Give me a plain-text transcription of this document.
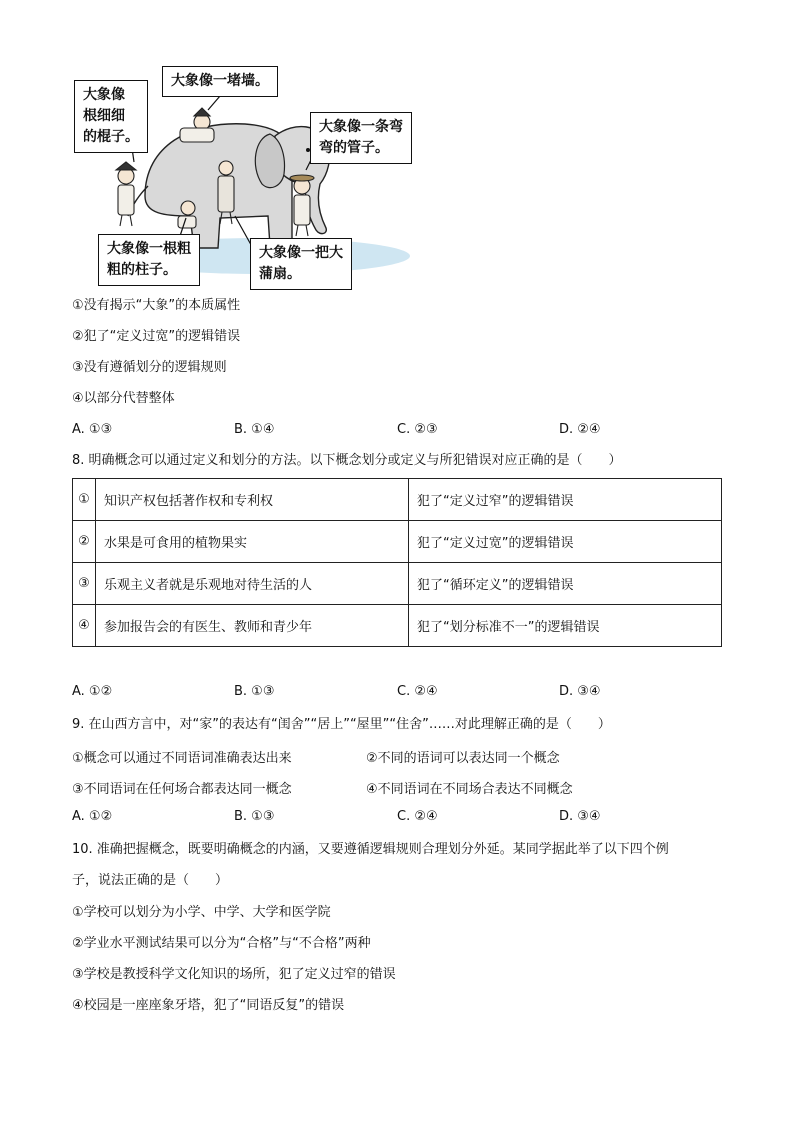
大象像
根细细
的棍子。
大象像一堵墙。
大象像一条弯
弯的管子。
大象像一根粗
粗的柱子。
大象像一把大
蒲扇。
①没有揭示“大象”的本质属性
②犯了“定义过宽”的逻辑错误
③没有遵循划分的逻辑规则
④以部分代替整体
A. ①③	B. ①④	C. ②③	D. ②④
8. 明确概念可以通过定义和划分的方法。以下概念划分或定义与所犯错误对应正确的是（　　）
①	知识产权包括著作权和专利权	犯了“定义过窄”的逻辑错误
②	水果是可食用的植物果实	犯了“定义过宽”的逻辑错误
③	乐观主义者就是乐观地对待生活的人	犯了“循环定义”的逻辑错误
④	参加报告会的有医生、教师和青少年	犯了“划分标准不一”的逻辑错误
A. ①②	B. ①③	C. ②④	D. ③④
9. 在山西方言中，对“家”的表达有“闺舍”“居上”“屋里”“住舍”……对此理解正确的是（　　）
①概念可以通过不同语词准确表达出来	②不同的语词可以表达同一个概念
③不同语词在任何场合都表达同一概念	④不同语词在不同场合表达不同概念
A. ①②	B. ①③	C. ②④	D. ③④
10. 准确把握概念，既要明确概念的内涵，又要遵循逻辑规则合理划分外延。某同学据此举了以下四个例
子，说法正确的是（　　）
①学校可以划分为小学、中学、大学和医学院
②学业水平测试结果可以分为“合格”与“不合格”两种
③学校是教授科学文化知识的场所，犯了定义过窄的错误
④校园是一座座象牙塔，犯了“同语反复”的错误
